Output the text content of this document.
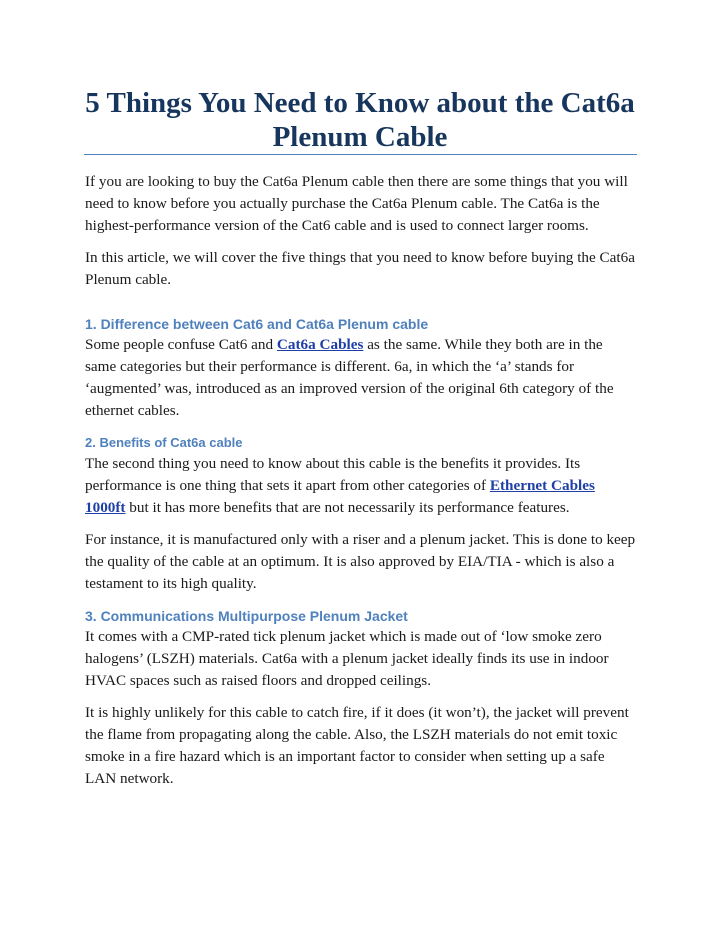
5 Things You Need to Know about the Cat6a Plenum Cable

If you are looking to buy the Cat6a Plenum cable then there are some things that you will need to know before you actually purchase the Cat6a Plenum cable. The Cat6a is the highest-performance version of the Cat6 cable and is used to connect larger rooms.

In this article, we will cover the five things that you need to know before buying the Cat6a Plenum cable.

1. Difference between Cat6 and Cat6a Plenum cable

Some people confuse Cat6 and Cat6a Cables as the same. While they both are in the same categories but their performance is different. 6a, in which the ‘a’ stands for ‘augmented’ was, introduced as an improved version of the original 6th category of the ethernet cables.

2. Benefits of Cat6a cable

The second thing you need to know about this cable is the benefits it provides. Its performance is one thing that sets it apart from other categories of Ethernet Cables 1000ft but it has more benefits that are not necessarily its performance features.

For instance, it is manufactured only with a riser and a plenum jacket. This is done to keep the quality of the cable at an optimum. It is also approved by EIA/TIA - which is also a testament to its high quality.

3. Communications Multipurpose Plenum Jacket

It comes with a CMP-rated tick plenum jacket which is made out of ‘low smoke zero halogens’ (LSZH) materials. Cat6a with a plenum jacket ideally finds its use in indoor HVAC spaces such as raised floors and dropped ceilings.

It is highly unlikely for this cable to catch fire, if it does (it won’t), the jacket will prevent the flame from propagating along the cable. Also, the LSZH materials do not emit toxic smoke in a fire hazard which is an important factor to consider when setting up a safe LAN network.
